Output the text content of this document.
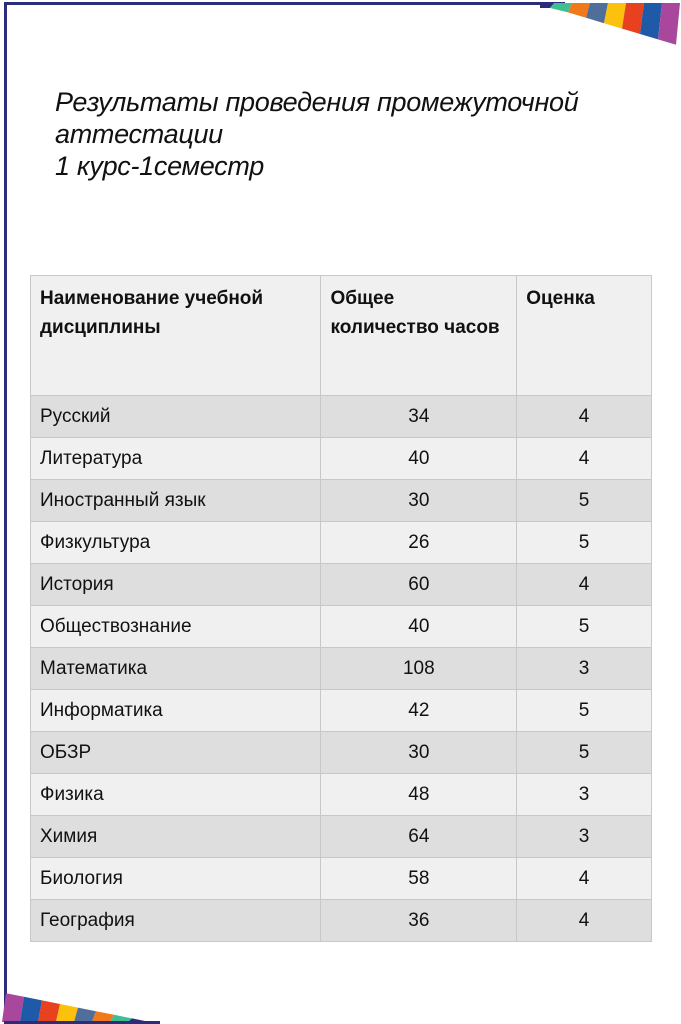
Результаты проведения промежуточной
аттестации
1 курс-1семестр
Наименование учебной дисциплины	Общее количество часов	Оценка
Русский	34	4
Литература	40	4
Иностранный язык	30	5
Физкультура	26	5
История	60	4
Обществознание	40	5
Математика	108	3
Информатика	42	5
ОБЗР	30	5
Физика	48	3
Химия	64	3
Биология	58	4
География	36	4
